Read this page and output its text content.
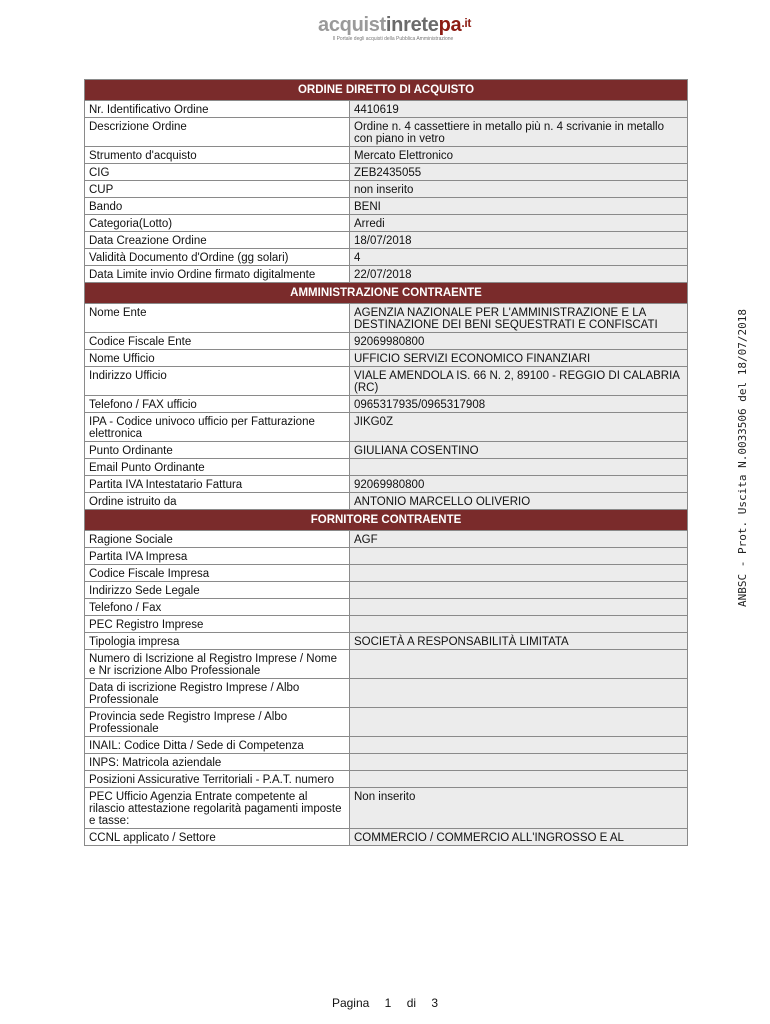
acquistinretepa$^{.it}$
Il Portale degli acquisti della Pubblica Amministrazione
ORDINE DIRETTO DI ACQUISTO	
Nr. Identificativo Ordine	4410619
Descrizione Ordine	Ordine n. 4 cassettiere in metallo più n. 4 scrivanie in metallo con piano in vetro
Strumento d'acquisto	Mercato Elettronico
CIG	ZEB2435055
CUP	non inserito
Bando	BENI
Categoria(Lotto)	Arredi
Data Creazione Ordine	18/07/2018
Validità Documento d'Ordine (gg solari)	4
Data Limite invio Ordine firmato digitalmente	22/07/2018
AMMINISTRAZIONE CONTRAENTE	
Nome Ente	AGENZIA NAZIONALE PER L'AMMINISTRAZIONE E LA DESTINAZIONE DEI BENI SEQUESTRATI E CONFISCATI
Codice Fiscale Ente	92069980800
Nome Ufficio	UFFICIO SERVIZI ECONOMICO FINANZIARI
Indirizzo Ufficio	VIALE AMENDOLA IS. 66 N. 2, 89100 - REGGIO DI CALABRIA (RC)
Telefono / FAX ufficio	0965317935/0965317908
IPA - Codice univoco ufficio per Fatturazione elettronica	JIKG0Z
Punto Ordinante	GIULIANA COSENTINO
Email Punto Ordinante	
Partita IVA Intestatario Fattura	92069980800
Ordine istruito da	ANTONIO MARCELLO OLIVERIO
FORNITORE CONTRAENTE	
Ragione Sociale	AGF
Partita IVA Impresa	
Codice Fiscale Impresa	
Indirizzo Sede Legale	
Telefono / Fax	
PEC Registro Imprese	
Tipologia impresa	SOCIETÀ A RESPONSABILITÀ LIMITATA
Numero di Iscrizione al Registro Imprese / Nome e Nr iscrizione Albo Professionale	
Data di iscrizione Registro Imprese / Albo Professionale	
Provincia sede Registro Imprese / Albo Professionale	
INAIL: Codice Ditta / Sede di Competenza	
INPS: Matricola aziendale	
Posizioni Assicurative Territoriali - P.A.T. numero	
PEC Ufficio Agenzia Entrate competente al rilascio attestazione regolarità pagamenti imposte e tasse:	Non inserito
CCNL applicato / Settore	COMMERCIO / COMMERCIO ALL'INGROSSO E AL
ANBSC - Prot. Uscita N.0033506 del 18/07/2018
Pagina 1 di 3
